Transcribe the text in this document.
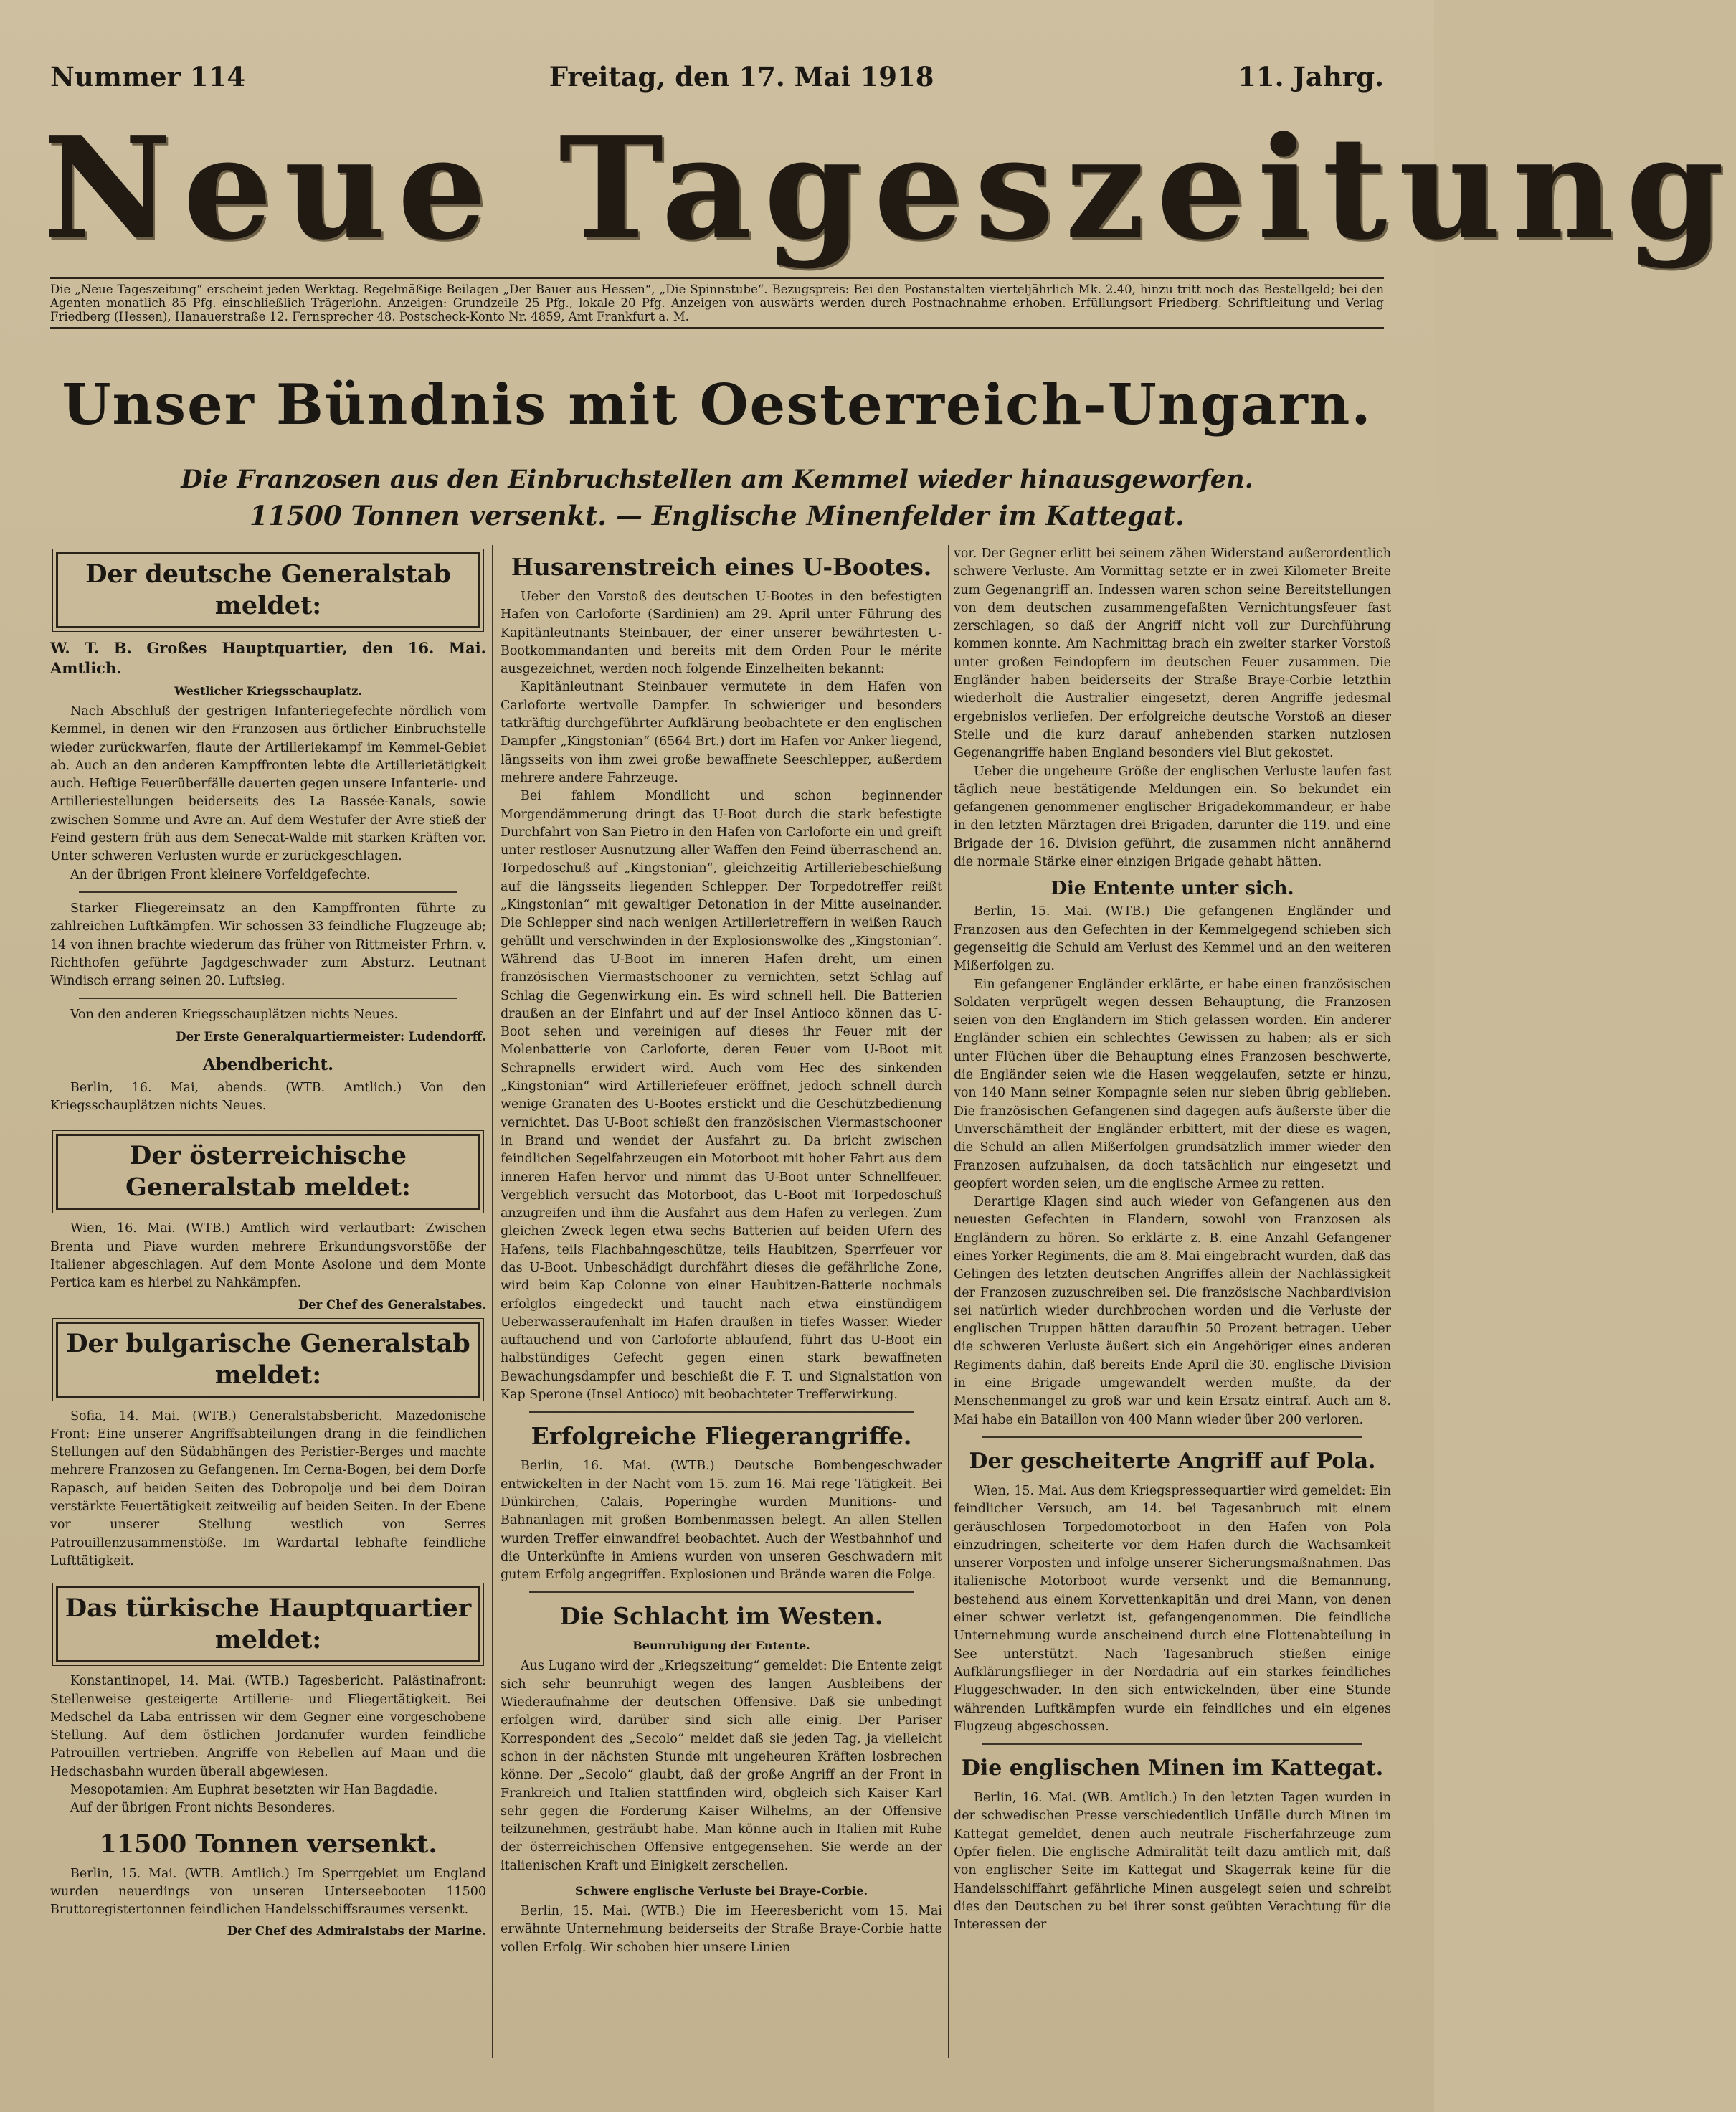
Nummer 114	Freitag, den 17. Mai 1918	11. Jahrg.
Neue Tageszeitung
Die „Neue Tageszeitung“ erscheint jeden Werktag. Regelmäßige Beilagen „Der Bauer aus Hessen“, „Die Spinnstube“. Bezugspreis: Bei den Postanstalten vierteljährlich Mk. 2.40, hinzu tritt noch das Bestellgeld; bei den Agenten monatlich 85 Pfg. einschließlich Trägerlohn. Anzeigen: Grundzeile 25 Pfg., lokale 20 Pfg. Anzeigen von auswärts werden durch Postnachnahme erhoben. Erfüllungsort Friedberg. Schriftleitung und Verlag Friedberg (Hessen), Hanauerstraße 12. Fernsprecher 48. Postscheck-Konto Nr. 4859, Amt Frankfurt a. M.
Unser Bündnis mit Oesterreich-Ungarn.
Die Franzosen aus den Einbruchstellen am Kemmel wieder hinausgeworfen.
11500 Tonnen versenkt. — Englische Minenfelder im Kattegat.
Der deutsche Generalstab meldet:
W. T. B. Großes Hauptquartier, den 16. Mai. Amtlich.
Westlicher Kriegsschauplatz.

Nach Abschluß der gestrigen Infanteriegefechte nördlich vom Kemmel, in denen wir den Franzosen aus örtlicher Einbruchstelle wieder zurückwarfen, flaute der Artilleriekampf im Kemmel-Gebiet ab. Auch an den anderen Kampffronten lebte die Artillerietätigkeit auch. Heftige Feuerüberfälle dauerten gegen unsere Infanterie- und Artilleriestellungen beiderseits des La Bassée-Kanals, sowie zwischen Somme und Avre an. Auf dem Westufer der Avre stieß der Feind gestern früh aus dem Senecat-Walde mit starken Kräften vor. Unter schweren Verlusten wurde er zurückgeschlagen.

An der übrigen Front kleinere Vorfeldgefechte.

Starker Fliegereinsatz an den Kampffronten führte zu zahlreichen Luftkämpfen. Wir schossen 33 feindliche Flugzeuge ab; 14 von ihnen brachte wiederum das früher von Rittmeister Frhrn. v. Richthofen geführte Jagdgeschwader zum Absturz. Leutnant Windisch errang seinen 20. Luftsieg.

Von den anderen Kriegsschauplätzen nichts Neues.

Der Erste Generalquartiermeister: Ludendorff.
Abendbericht.

Berlin, 16. Mai, abends. (WTB. Amtlich.) Von den Kriegsschauplätzen nichts Neues.

Der österreichische Generalstab meldet:

Wien, 16. Mai. (WTB.) Amtlich wird verlautbart: Zwischen Brenta und Piave wurden mehrere Erkundungsvorstöße der Italiener abgeschlagen. Auf dem Monte Asolone und dem Monte Pertica kam es hierbei zu Nahkämpfen.

Der Chef des Generalstabes.
Der bulgarische Generalstab meldet:

Sofia, 14. Mai. (WTB.) Generalstabsbericht. Mazedonische Front: Eine unserer Angriffsabteilungen drang in die feindlichen Stellungen auf den Südabhängen des Peristier-Berges und machte mehrere Franzosen zu Gefangenen. Im Cerna-Bogen, bei dem Dorfe Rapasch, auf beiden Seiten des Dobropolje und bei dem Doiran verstärkte Feuertätigkeit zeitweilig auf beiden Seiten. In der Ebene vor unserer Stellung westlich von Serres Patrouillenzusammenstöße. Im Wardartal lebhafte feindliche Lufttätigkeit.

Das türkische Hauptquartier meldet:

Konstantinopel, 14. Mai. (WTB.) Tagesbericht. Palästinafront: Stellenweise gesteigerte Artillerie- und Fliegertätigkeit. Bei Medschel da Laba entrissen wir dem Gegner eine vorgeschobene Stellung. Auf dem östlichen Jordanufer wurden feindliche Patrouillen vertrieben. Angriffe von Rebellen auf Maan und die Hedschasbahn wurden überall abgewiesen.

Mesopotamien: Am Euphrat besetzten wir Han Bagdadie.

Auf der übrigen Front nichts Besonderes.

11500 Tonnen versenkt.

Berlin, 15. Mai. (WTB. Amtlich.) Im Sperrgebiet um England wurden neuerdings von unseren Unterseebooten 11500 Bruttoregistertonnen feindlichen Handelsschiffsraumes versenkt.

Der Chef des Admiralstabs der Marine.
Husarenstreich eines U-Bootes.

Ueber den Vorstoß des deutschen U-Bootes in den befestigten Hafen von Carloforte (Sardinien) am 29. April unter Führung des Kapitänleutnants Steinbauer, der einer unserer bewährtesten U-Bootkommandanten und bereits mit dem Orden Pour le mérite ausgezeichnet, werden noch folgende Einzelheiten bekannt:

Kapitänleutnant Steinbauer vermutete in dem Hafen von Carloforte wertvolle Dampfer. In schwieriger und besonders tatkräftig durchgeführter Aufklärung beobachtete er den englischen Dampfer „Kingstonian“ (6564 Brt.) dort im Hafen vor Anker liegend, längsseits von ihm zwei große bewaffnete Seeschlepper, außerdem mehrere andere Fahrzeuge.

Bei fahlem Mondlicht und schon beginnender Morgendämmerung dringt das U-Boot durch die stark befestigte Durchfahrt von San Pietro in den Hafen von Carloforte ein und greift unter restloser Ausnutzung aller Waffen den Feind überraschend an. Torpedoschuß auf „Kingstonian“, gleichzeitig Artilleriebeschießung auf die längsseits liegenden Schlepper. Der Torpedotreffer reißt „Kingstonian“ mit gewaltiger Detonation in der Mitte auseinander. Die Schlepper sind nach wenigen Artillerietreffern in weißen Rauch gehüllt und verschwinden in der Explosionswolke des „Kingstonian“. Während das U-Boot im inneren Hafen dreht, um einen französischen Viermastschooner zu vernichten, setzt Schlag auf Schlag die Gegenwirkung ein. Es wird schnell hell. Die Batterien draußen an der Einfahrt und auf der Insel Antioco können das U-Boot sehen und vereinigen auf dieses ihr Feuer mit der Molenbatterie von Carloforte, deren Feuer vom U-Boot mit Schrapnells erwidert wird. Auch vom Hec des sinkenden „Kingstonian“ wird Artilleriefeuer eröffnet, jedoch schnell durch wenige Granaten des U-Bootes erstickt und die Geschützbedienung vernichtet. Das U-Boot schießt den französischen Viermastschooner in Brand und wendet der Ausfahrt zu. Da bricht zwischen feindlichen Segelfahrzeugen ein Motorboot mit hoher Fahrt aus dem inneren Hafen hervor und nimmt das U-Boot unter Schnellfeuer. Vergeblich versucht das Motorboot, das U-Boot mit Torpedoschuß anzugreifen und ihm die Ausfahrt aus dem Hafen zu verlegen. Zum gleichen Zweck legen etwa sechs Batterien auf beiden Ufern des Hafens, teils Flachbahngeschütze, teils Haubitzen, Sperrfeuer vor das U-Boot. Unbeschädigt durchfährt dieses die gefährliche Zone, wird beim Kap Colonne von einer Haubitzen-Batterie nochmals erfolglos eingedeckt und taucht nach etwa einstündigem Ueberwasseraufenhalt im Hafen draußen in tiefes Wasser. Wieder auftauchend und von Carloforte ablaufend, führt das U-Boot ein halbstündiges Gefecht gegen einen stark bewaffneten Bewachungsdampfer und beschießt die F. T. und Signalstation von Kap Sperone (Insel Antioco) mit beobachteter Trefferwirkung.

Erfolgreiche Fliegerangriffe.

Berlin, 16. Mai. (WTB.) Deutsche Bombengeschwader entwickelten in der Nacht vom 15. zum 16. Mai rege Tätigkeit. Bei Dünkirchen, Calais, Poperinghe wurden Munitions- und Bahnanlagen mit großen Bombenmassen belegt. An allen Stellen wurden Treffer einwandfrei beobachtet. Auch der Westbahnhof und die Unterkünfte in Amiens wurden von unseren Geschwadern mit gutem Erfolg angegriffen. Explosionen und Brände waren die Folge.

Die Schlacht im Westen.
Beunruhigung der Entente.

Aus Lugano wird der „Kriegszeitung“ gemeldet: Die Entente zeigt sich sehr beunruhigt wegen des langen Ausbleibens der Wiederaufnahme der deutschen Offensive. Daß sie unbedingt erfolgen wird, darüber sind sich alle einig. Der Pariser Korrespondent des „Secolo“ meldet daß sie jeden Tag, ja vielleicht schon in der nächsten Stunde mit ungeheuren Kräften losbrechen könne. Der „Secolo“ glaubt, daß der große Angriff an der Front in Frankreich und Italien stattfinden wird, obgleich sich Kaiser Karl sehr gegen die Forderung Kaiser Wilhelms, an der Offensive teilzunehmen, gesträubt habe. Man könne auch in Italien mit Ruhe der österreichischen Offensive entgegensehen. Sie werde an der italienischen Kraft und Einigkeit zerschellen.

Schwere englische Verluste bei Braye-Corbie.

Berlin, 15. Mai. (WTB.) Die im Heeresbericht vom 15. Mai erwähnte Unternehmung beiderseits der Straße Braye-Corbie hatte vollen Erfolg. Wir schoben hier unsere Linien

vor. Der Gegner erlitt bei seinem zähen Widerstand außerordentlich schwere Verluste. Am Vormittag setzte er in zwei Kilometer Breite zum Gegenangriff an. Indessen waren schon seine Bereitstellungen von dem deutschen zusammengefaßten Vernichtungsfeuer fast zerschlagen, so daß der Angriff nicht voll zur Durchführung kommen konnte. Am Nachmittag brach ein zweiter starker Vorstoß unter großen Feindopfern im deutschen Feuer zusammen. Die Engländer haben beiderseits der Straße Braye-Corbie letzthin wiederholt die Australier eingesetzt, deren Angriffe jedesmal ergebnislos verliefen. Der erfolgreiche deutsche Vorstoß an dieser Stelle und die kurz darauf anhebenden starken nutzlosen Gegenangriffe haben England besonders viel Blut gekostet.

Ueber die ungeheure Größe der englischen Verluste laufen fast täglich neue bestätigende Meldungen ein. So bekundet ein gefangenen genommener englischer Brigadekommandeur, er habe in den letzten Märztagen drei Brigaden, darunter die 119. und eine Brigade der 16. Division geführt, die zusammen nicht annähernd die normale Stärke einer einzigen Brigade gehabt hätten.

Die Entente unter sich.

Berlin, 15. Mai. (WTB.) Die gefangenen Engländer und Franzosen aus den Gefechten in der Kemmelgegend schieben sich gegenseitig die Schuld am Verlust des Kemmel und an den weiteren Mißerfolgen zu.

Ein gefangener Engländer erklärte, er habe einen französischen Soldaten verprügelt wegen dessen Behauptung, die Franzosen seien von den Engländern im Stich gelassen worden. Ein anderer Engländer schien ein schlechtes Gewissen zu haben; als er sich unter Flüchen über die Behauptung eines Franzosen beschwerte, die Engländer seien wie die Hasen weggelaufen, setzte er hinzu, von 140 Mann seiner Kompagnie seien nur sieben übrig geblieben. Die französischen Gefangenen sind dagegen aufs äußerste über die Unverschämtheit der Engländer erbittert, mit der diese es wagen, die Schuld an allen Mißerfolgen grundsätzlich immer wieder den Franzosen aufzuhalsen, da doch tatsächlich nur eingesetzt und geopfert worden seien, um die englische Armee zu retten.

Derartige Klagen sind auch wieder von Gefangenen aus den neuesten Gefechten in Flandern, sowohl von Franzosen als Engländern zu hören. So erklärte z. B. eine Anzahl Gefangener eines Yorker Regiments, die am 8. Mai eingebracht wurden, daß das Gelingen des letzten deutschen Angriffes allein der Nachlässigkeit der Franzosen zuzuschreiben sei. Die französische Nachbardivision sei natürlich wieder durchbrochen worden und die Verluste der englischen Truppen hätten daraufhin 50 Prozent betragen. Ueber die schweren Verluste äußert sich ein Angehöriger eines anderen Regiments dahin, daß bereits Ende April die 30. englische Division in eine Brigade umgewandelt werden mußte, da der Menschenmangel zu groß war und kein Ersatz eintraf. Auch am 8. Mai habe ein Bataillon von 400 Mann wieder über 200 verloren.

Der gescheiterte Angriff auf Pola.

Wien, 15. Mai. Aus dem Kriegspressequartier wird gemeldet: Ein feindlicher Versuch, am 14. bei Tagesanbruch mit einem geräuschlosen Torpedomotorboot in den Hafen von Pola einzudringen, scheiterte vor dem Hafen durch die Wachsamkeit unserer Vorposten und infolge unserer Sicherungsmaßnahmen. Das italienische Motorboot wurde versenkt und die Bemannung, bestehend aus einem Korvettenkapitän und drei Mann, von denen einer schwer verletzt ist, gefangengenommen. Die feindliche Unternehmung wurde anscheinend durch eine Flottenabteilung in See unterstützt. Nach Tagesanbruch stießen einige Aufklärungsflieger in der Nordadria auf ein starkes feindliches Fluggeschwader. In den sich entwickelnden, über eine Stunde währenden Luftkämpfen wurde ein feindliches und ein eigenes Flugzeug abgeschossen.

Die englischen Minen im Kattegat.

Berlin, 16. Mai. (WB. Amtlich.) In den letzten Tagen wurden in der schwedischen Presse verschiedentlich Unfälle durch Minen im Kattegat gemeldet, denen auch neutrale Fischerfahrzeuge zum Opfer fielen. Die englische Admiralität teilt dazu amtlich mit, daß von englischer Seite im Kattegat und Skagerrak keine für die Handelsschiffahrt gefährliche Minen ausgelegt seien und schreibt dies den Deutschen zu bei ihrer sonst geübten Verachtung für die Interessen der
